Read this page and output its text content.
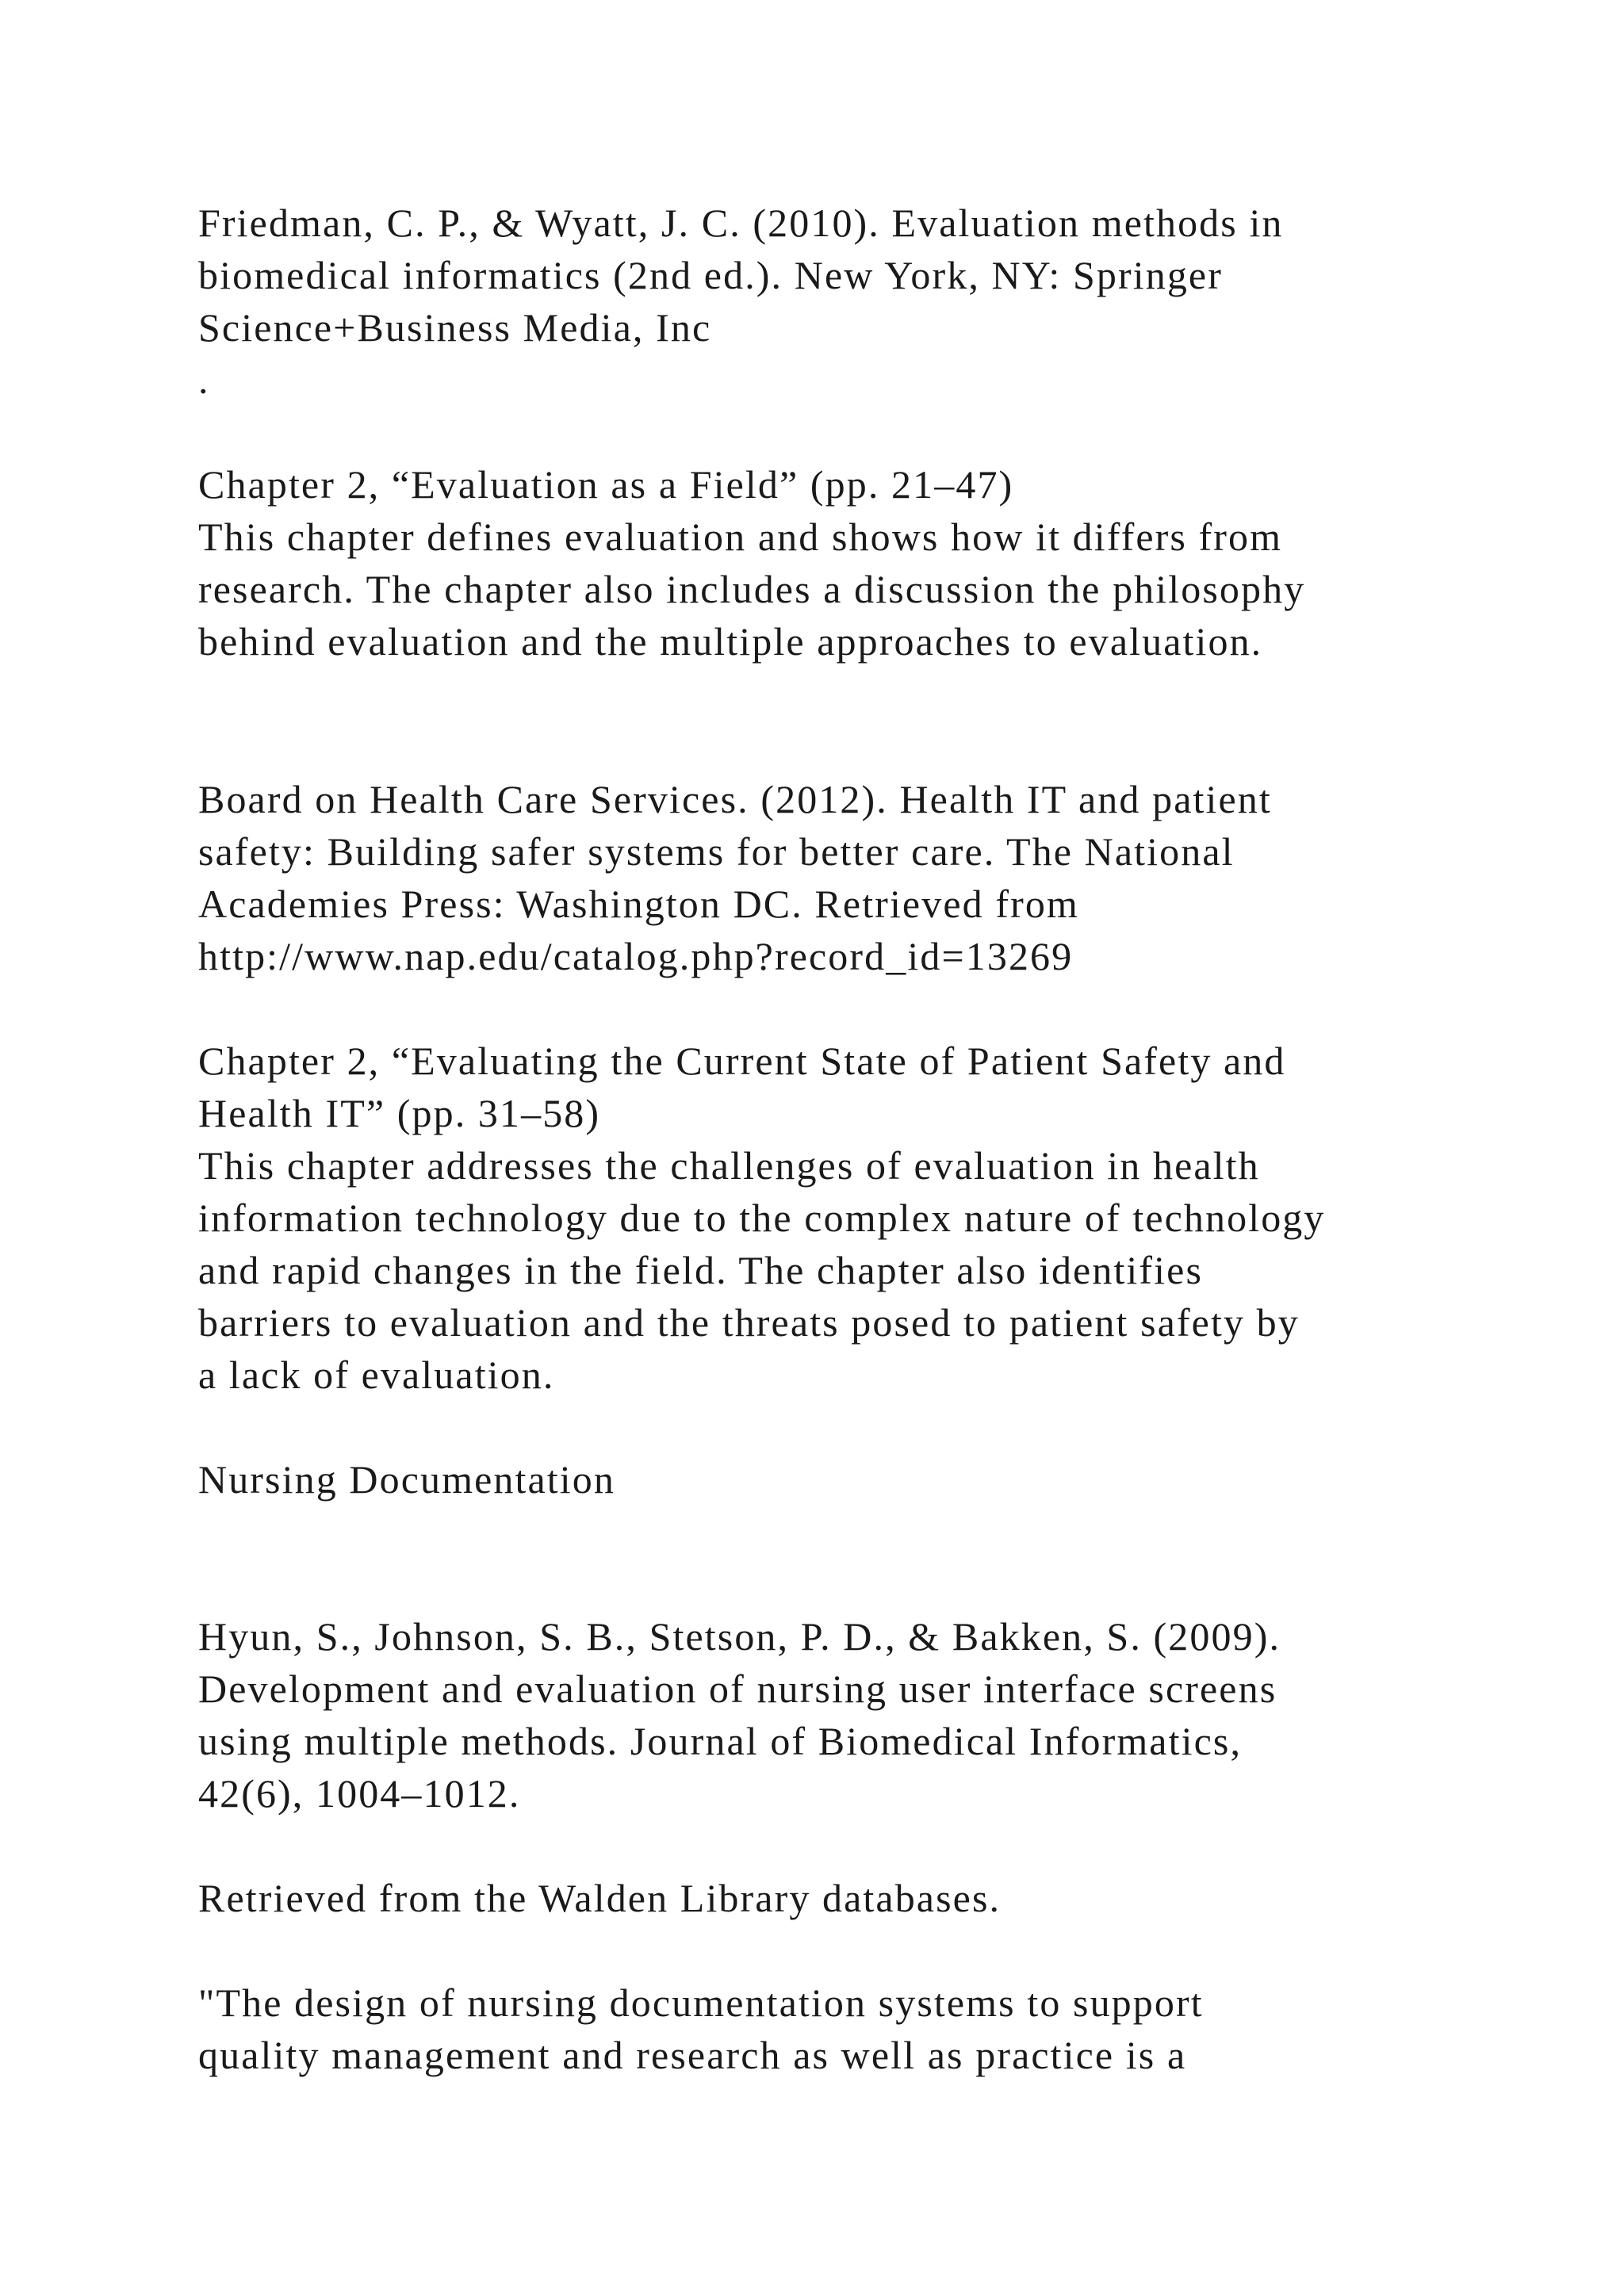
Friedman, C. P., & Wyatt, J. C. (2010). Evaluation methods in

biomedical informatics (2nd ed.). New York, NY: Springer

Science+Business Media, Inc

.

Chapter 2, “Evaluation as a Field” (pp. 21–47)

This chapter defines evaluation and shows how it differs from

research. The chapter also includes a discussion the philosophy

behind evaluation and the multiple approaches to evaluation.

Board on Health Care Services. (2012). Health IT and patient

safety: Building safer systems for better care. The National

Academies Press: Washington DC. Retrieved from

http://www.nap.edu/catalog.php?record_id=13269

Chapter 2, “Evaluating the Current State of Patient Safety and

Health IT” (pp. 31–58)

This chapter addresses the challenges of evaluation in health

information technology due to the complex nature of technology

and rapid changes in the field. The chapter also identifies

barriers to evaluation and the threats posed to patient safety by

a lack of evaluation.

Nursing Documentation

Hyun, S., Johnson, S. B., Stetson, P. D., & Bakken, S. (2009).

Development and evaluation of nursing user interface screens

using multiple methods. Journal of Biomedical Informatics,

42(6), 1004–1012.

Retrieved from the Walden Library databases.

"The design of nursing documentation systems to support

quality management and research as well as practice is a
